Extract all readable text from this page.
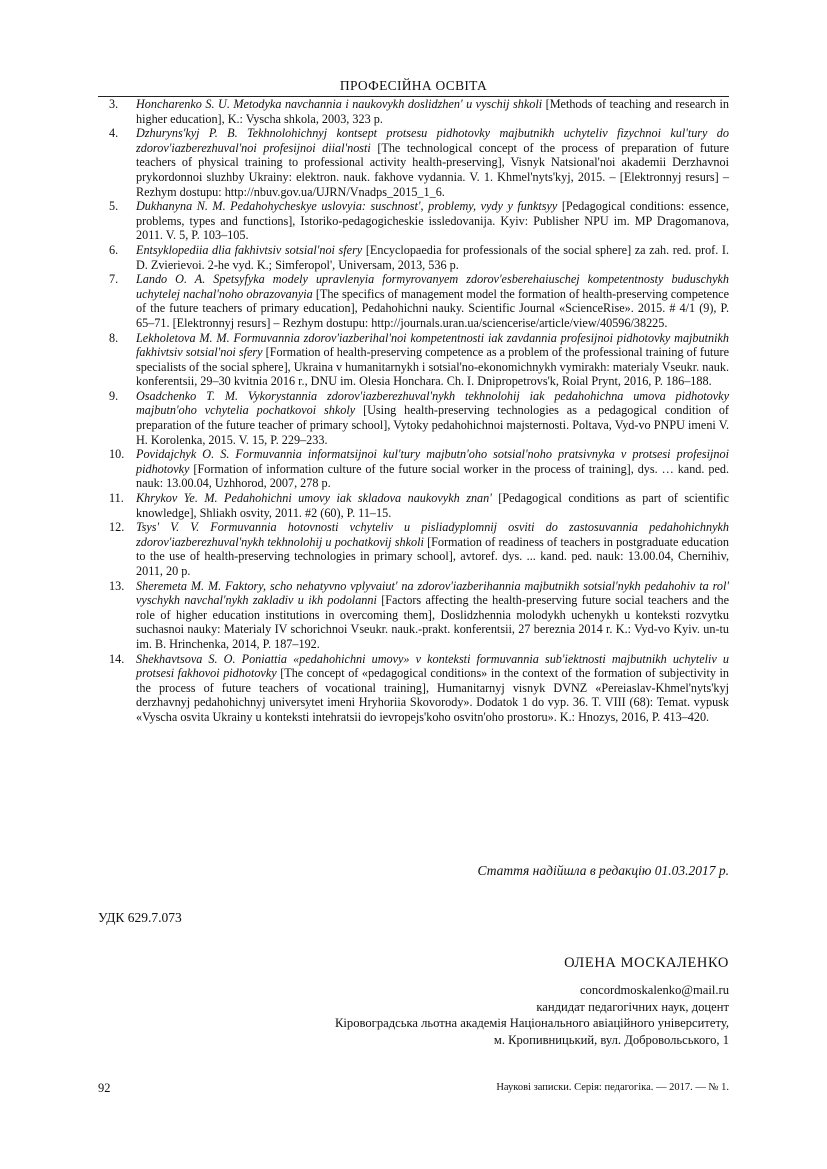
ПРОФЕСІЙНА ОСВІТА
3. Honcharenko S. U. Metodyka navchannia i naukovykh doslidzhen' u vyschij shkoli [Methods of teaching and research in higher education], K.: Vyscha shkola, 2003, 323 p.
4. Dzhuryns'kyj P. B. Tekhnolohichnyj kontsept protsesu pidhotovky majbutnikh uchyteliv fizychnoi kul'tury do zdorov'iazberezhuval'noi profesijnoi diial'nosti [The technological concept of the process of preparation of future teachers of physical training to professional activity health-preserving], Visnyk Natsional'noi akademii Derzhavnoi prykordonnoi sluzhby Ukrainy: elektron. nauk. fakhove vydannia. V. 1. Khmel'nyts'kyj, 2015. – [Elektronnyj resurs] – Rezhym dostupu: http://nbuv.gov.ua/UJRN/Vnadps_2015_1_6.
5. Dukhanyna N. M. Pedahohycheskye uslovyia: suschnost', problemy, vydy y funktsyy [Pedagogical conditions: essence, problems, types and functions], Istoriko-pedagogicheskie issledovanija. Kyiv: Publisher NPU im. MP Dragomanova, 2011. V. 5, P. 103–105.
6. Entsyklopediia dlia fakhivtsiv sotsial'noi sfery [Encyclopaedia for professionals of the social sphere] za zah. red. prof. I. D. Zvierievoi. 2-he vyd. K.; Simferopol', Universam, 2013, 536 p.
7. Lando O. A. Spetsyfyka modely upravlenyia formyrovanyem zdorov'esberehaiuschej kompetentnosty buduschykh uchytelej nachal'noho obrazovanyia [The specifics of management model the formation of health-preserving competence of the future teachers of primary education], Pedahohichni nauky. Scientific Journal «ScienceRise». 2015. # 4/1 (9), P. 65–71. [Elektronnyj resurs] – Rezhym dostupu: http://journals.uran.ua/sciencerise/article/view/40596/38225.
8. Lekholetova M. M. Formuvannia zdorov'iazberihal'noi kompetentnosti iak zavdannia profesijnoi pidhotovky majbutnikh fakhivtsiv sotsial'noi sfery [Formation of health-preserving competence as a problem of the professional training of future specialists of the social sphere], Ukraina v humanitarnykh i sotsial'no-ekonomichnykh vymirakh: materialy Vseukr. nauk. konferentsii, 29–30 kvitnia 2016 r., DNU im. Olesia Honchara. Ch. I. Dnipropetrovs'k, Roial Prynt, 2016, P. 186–188.
9. Osadchenko T. M. Vykorystannia zdorov'iazberezhuval'nykh tekhnolohij iak pedahohichna umova pidhotovky majbutn'oho vchytelia pochatkovoi shkoly [Using health-preserving technologies as a pedagogical condition of preparation of the future teacher of primary school], Vytoky pedahohichnoi majsternosti. Poltava, Vyd-vo PNPU imeni V. H. Korolenka, 2015. V. 15, P. 229–233.
10. Povidajchyk O. S. Formuvannia informatsijnoi kul'tury majbutn'oho sotsial'noho pratsivnyka v protsesi profesijnoi pidhotovky [Formation of information culture of the future social worker in the process of training], dys. … kand. ped. nauk: 13.00.04, Uzhhorod, 2007, 278 p.
11. Khrykov Ye. M. Pedahohichni umovy iak skladova naukovykh znan' [Pedagogical conditions as part of scientific knowledge], Shliakh osvity, 2011. #2 (60), P. 11–15.
12. Tsys' V. V. Formuvannia hotovnosti vchyteliv u pisliadyplomnij osviti do zastosuvannia pedahohichnykh zdorov'iazberezhuval'nykh tekhnolohij u pochatkovij shkoli [Formation of readiness of teachers in postgraduate education to the use of health-preserving technologies in primary school], avtoref. dys. ... kand. ped. nauk: 13.00.04, Chernihiv, 2011, 20 p.
13. Sheremeta M. M. Faktory, scho nehatyvno vplyvaiut' na zdorov'iazberihannia majbutnikh sotsial'nykh pedahohiv ta rol' vyschykh navchal'nykh zakladiv u ikh podolanni [Factors affecting the health-preserving future social teachers and the role of higher education institutions in overcoming them], Doslidzhennia molodykh uchenykh u konteksti rozvytku suchasnoi nauky: Materialy IV schorichnoi Vseukr. nauk.-prakt. konferentsii, 27 bereznia 2014 r. K.: Vyd-vo Kyiv. un-tu im. B. Hrinchenka, 2014, P. 187–192.
14. Shekhavtsova S. O. Poniattia «pedahohichni umovy» v konteksti formuvannia sub'iektnosti majbutnikh uchyteliv u protsesi fakhovoi pidhotovky [The concept of «pedagogical conditions» in the context of the formation of subjectivity in the process of future teachers of vocational training], Humanitarnyj visnyk DVNZ «Pereiaslav-Khmel'nyts'kyj derzhavnyj pedahohichnyj universytet imeni Hryhoriia Skovorody». Dodatok 1 do vyp. 36. T. VIII (68): Temat. vypusk «Vyscha osvita Ukrainy u konteksti intehratsii do ievropejs'koho osvitn'oho prostoru». K.: Hnozys, 2016, P. 413–420.
Стаття надійшла в редакцію 01.03.2017 р.
УДК 629.7.073
ОЛЕНА МОСКАЛЕНКО
concordmoskalenko@mail.ru
кандидат педагогічних наук, доцент
Кіровоградська льотна академія Національного авіаційного університету,
м. Кропивницький, вул. Добровольського, 1
92	Наукові записки. Серія: педагогіка. — 2017. — № 1.
